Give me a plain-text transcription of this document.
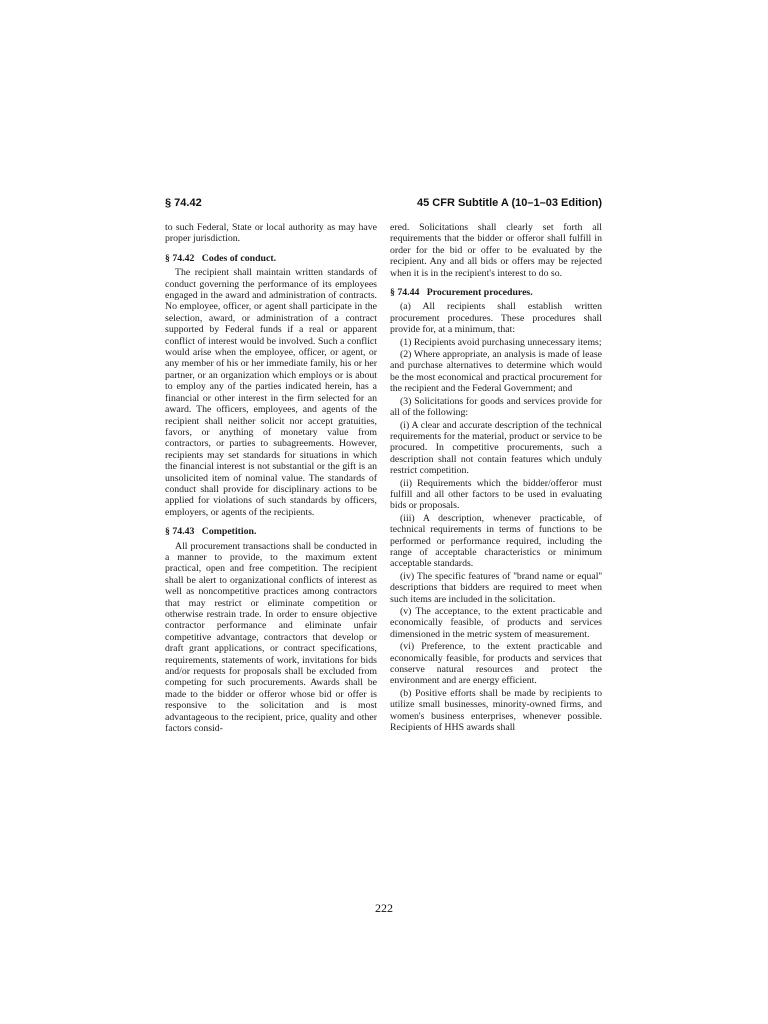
§ 74.42	45 CFR Subtitle A (10–1–03 Edition)

to such Federal, State or local authority as may have proper jurisdiction.

§ 74.42 Codes of conduct.

The recipient shall maintain written standards of conduct governing the performance of its employees engaged in the award and administration of contracts. No employee, officer, or agent shall participate in the selection, award, or administration of a contract supported by Federal funds if a real or apparent conflict of interest would be involved. Such a conflict would arise when the employee, officer, or agent, or any member of his or her immediate family, his or her partner, or an organization which employs or is about to employ any of the parties indicated herein, has a financial or other interest in the firm selected for an award. The officers, employees, and agents of the recipient shall neither solicit nor accept gratuities, favors, or anything of monetary value from contractors, or parties to subagreements. However, recipients may set standards for situations in which the financial interest is not substantial or the gift is an unsolicited item of nominal value. The standards of conduct shall provide for disciplinary actions to be applied for violations of such standards by officers, employers, or agents of the recipients.

§ 74.43 Competition.

All procurement transactions shall be conducted in a manner to provide, to the maximum extent practical, open and free competition. The recipient shall be alert to organizational conflicts of interest as well as noncompetitive practices among contractors that may restrict or eliminate competition or otherwise restrain trade. In order to ensure objective contractor performance and eliminate unfair competitive advantage, contractors that develop or draft grant applications, or contract specifications, requirements, statements of work, invitations for bids and/or requests for proposals shall be excluded from competing for such procurements. Awards shall be made to the bidder or offeror whose bid or offer is responsive to the solicitation and is most advantageous to the recipient, price, quality and other factors consid-

ered. Solicitations shall clearly set forth all requirements that the bidder or offeror shall fulfill in order for the bid or offer to be evaluated by the recipient. Any and all bids or offers may be rejected when it is in the recipient's interest to do so.

§ 74.44 Procurement procedures.

(a) All recipients shall establish written procurement procedures. These procedures shall provide for, at a minimum, that:

(1) Recipients avoid purchasing unnecessary items;

(2) Where appropriate, an analysis is made of lease and purchase alternatives to determine which would be the most economical and practical procurement for the recipient and the Federal Government; and

(3) Solicitations for goods and services provide for all of the following:

(i) A clear and accurate description of the technical requirements for the material, product or service to be procured. In competitive procurements, such a description shall not contain features which unduly restrict competition.

(ii) Requirements which the bidder/offeror must fulfill and all other factors to be used in evaluating bids or proposals.

(iii) A description, whenever practicable, of technical requirements in terms of functions to be performed or performance required, including the range of acceptable characteristics or minimum acceptable standards.

(iv) The specific features of ''brand name or equal'' descriptions that bidders are required to meet when such items are included in the solicitation.

(v) The acceptance, to the extent practicable and economically feasible, of products and services dimensioned in the metric system of measurement.

(vi) Preference, to the extent practicable and economically feasible, for products and services that conserve natural resources and protect the environment and are energy efficient.

(b) Positive efforts shall be made by recipients to utilize small businesses, minority-owned firms, and women's business enterprises, whenever possible. Recipients of HHS awards shall

222
